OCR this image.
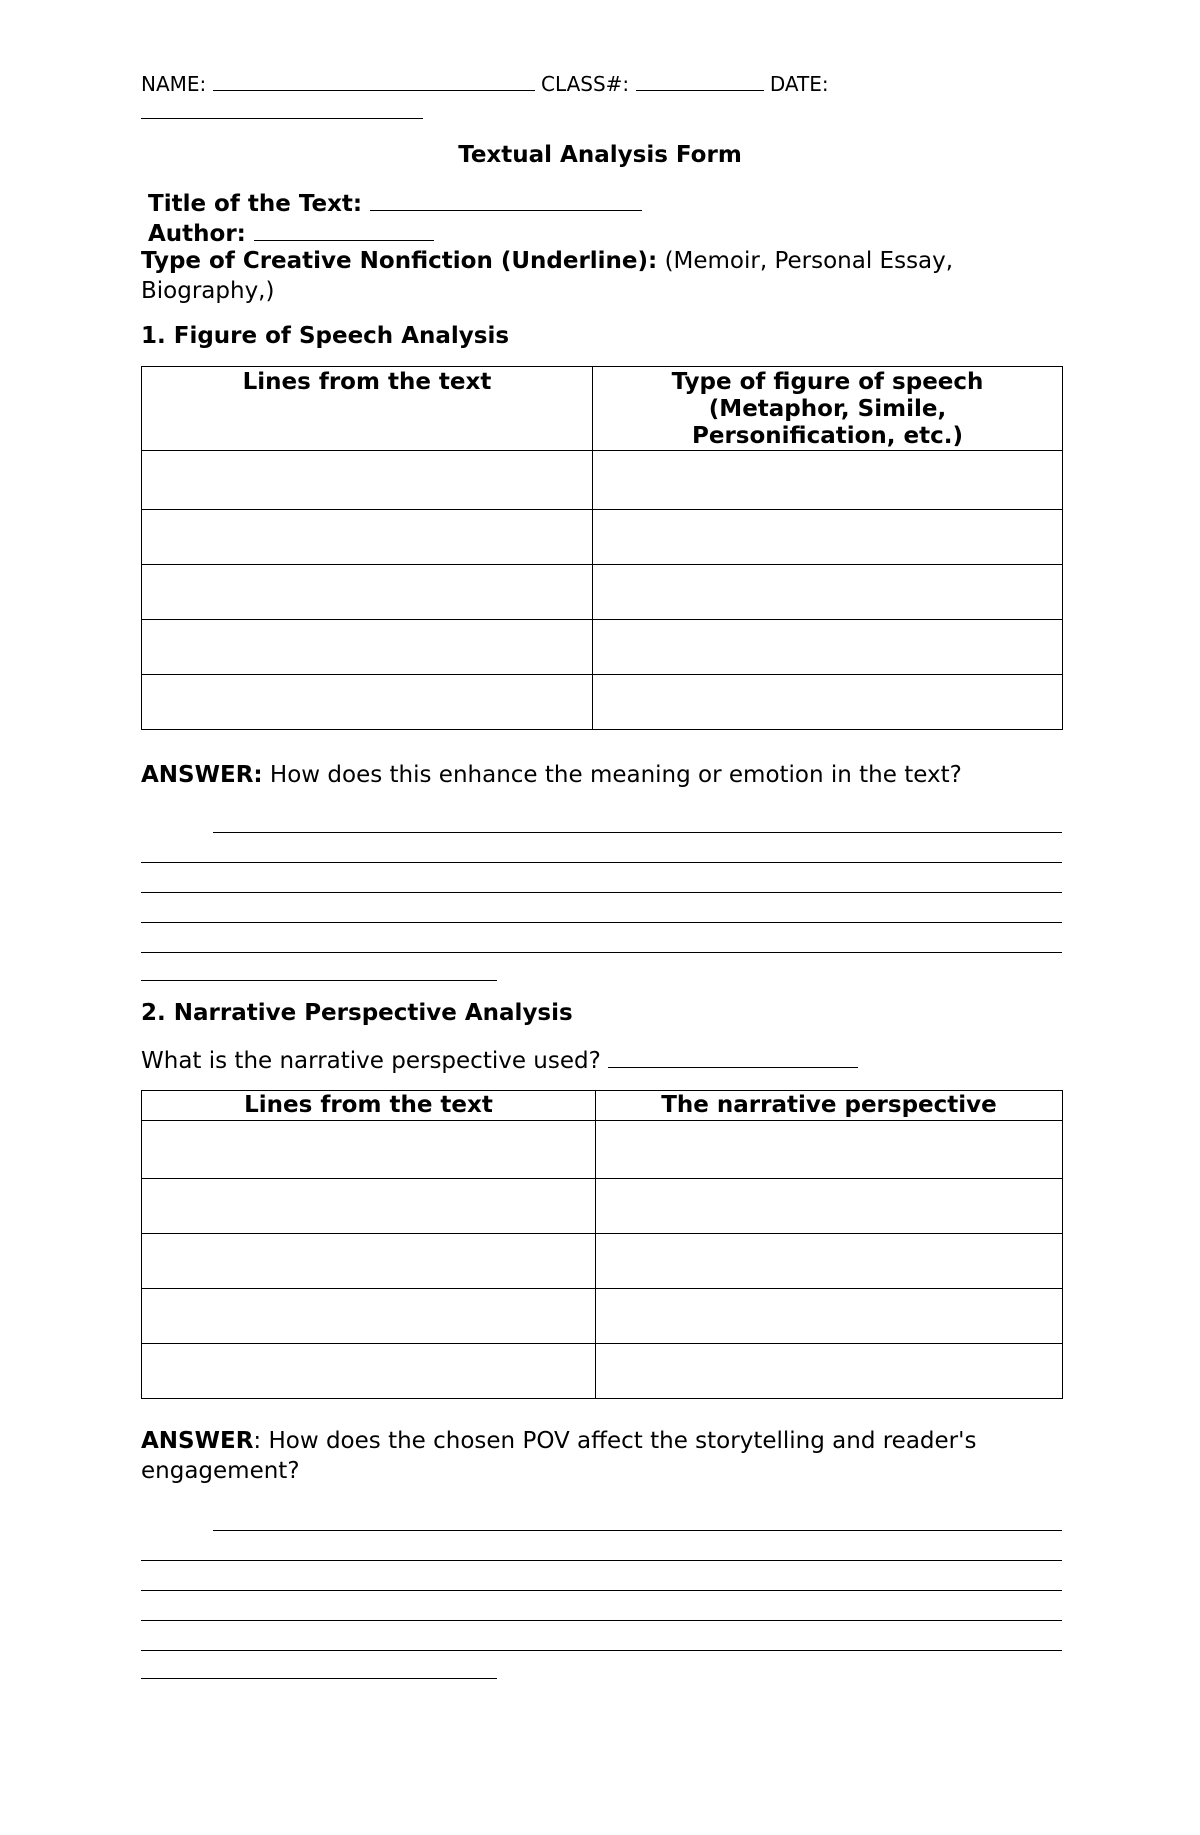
NAME:	CLASS#:	DATE:
Textual Analysis Form
Title of the Text:
Author:
Type of Creative Nonfiction (Underline): (Memoir, Personal Essay,
Biography,)
1. Figure of Speech Analysis
Lines from the text	Type of figure of speech
(Metaphor, Simile,
Personification, etc.)

ANSWER: How does this enhance the meaning or emotion in the text?
2. Narrative Perspective Analysis
What is the narrative perspective used?
Lines from the text	The narrative perspective

ANSWER: How does the chosen POV affect the storytelling and reader's
engagement?
